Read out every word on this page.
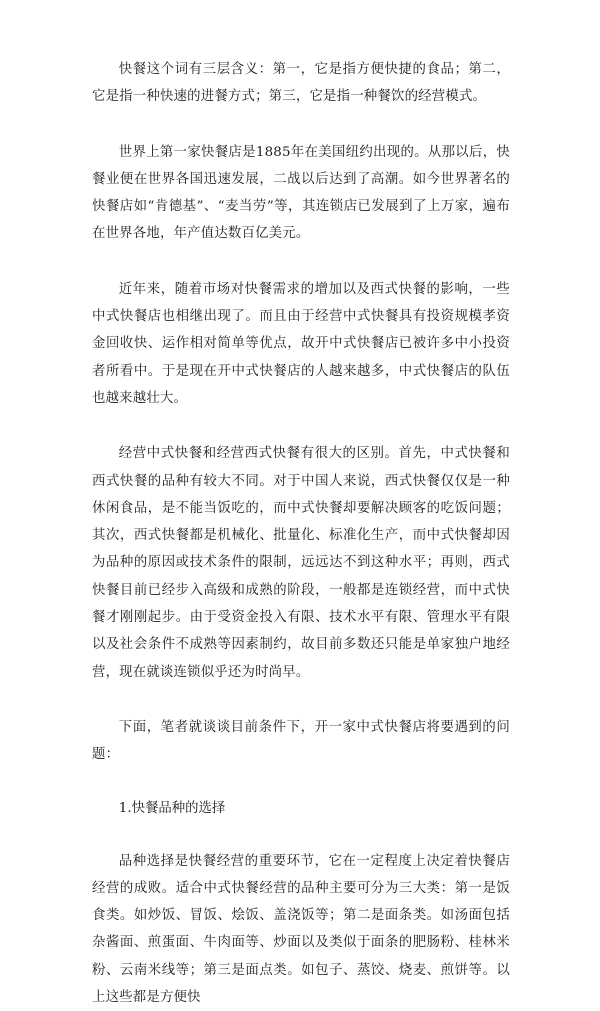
快餐这个词有三层含义：第一，它是指方便快捷的食品；第二，它是指一种快速的进餐方式；第三，它是指一种餐饮的经营模式。

世界上第一家快餐店是1885年在美国纽约出现的。从那以后，快餐业便在世界各国迅速发展，二战以后达到了高潮。如今世界著名的快餐店如“肯德基”、“麦当劳”等，其连锁店已发展到了上万家，遍布在世界各地，年产值达数百亿美元。

近年来，随着市场对快餐需求的增加以及西式快餐的影响，一些中式快餐店也相继出现了。而且由于经营中式快餐具有投资规模孝资金回收快、运作相对简单等优点，故开中式快餐店已被许多中小投资者所看中。于是现在开中式快餐店的人越来越多，中式快餐店的队伍也越来越壮大。

经营中式快餐和经营西式快餐有很大的区别。首先，中式快餐和西式快餐的品种有较大不同。对于中国人来说，西式快餐仅仅是一种休闲食品，是不能当饭吃的，而中式快餐却要解决顾客的吃饭问题；其次，西式快餐都是机械化、批量化、标准化生产，而中式快餐却因为品种的原因或技术条件的限制，远远达不到这种水平；再则，西式快餐目前已经步入高级和成熟的阶段，一般都是连锁经营，而中式快餐才刚刚起步。由于受资金投入有限、技术水平有限、管理水平有限以及社会条件不成熟等因素制约，故目前多数还只能是单家独户地经营，现在就谈连锁似乎还为时尚早。

下面，笔者就谈谈目前条件下，开一家中式快餐店将要遇到的问题：

1.快餐品种的选择

品种选择是快餐经营的重要环节，它在一定程度上决定着快餐店经营的成败。适合中式快餐经营的品种主要可分为三大类：第一是饭食类。如炒饭、冒饭、烩饭、盖浇饭等；第二是面条类。如汤面包括杂酱面、煎蛋面、牛肉面等、炒面以及类似于面条的肥肠粉、桂林米粉、云南米线等；第三是面点类。如包子、蒸饺、烧麦、煎饼等。以上这些都是方便快
